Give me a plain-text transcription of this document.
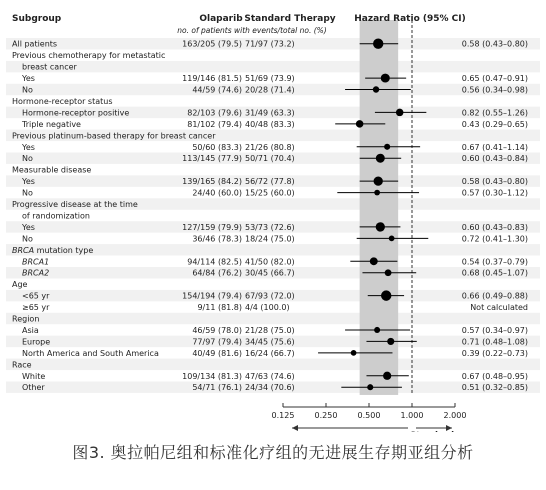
Subgroup	Olaparib Standard Therapy Hazard Ratio (95% CI)
no. of patients with events/total no. (%)
All patients	163/205 (79.5) 71/97 (73.2)	0.58 (0.43–0.80)
Previous chemotherapy for metastatic
breast cancer
Yes	119/146 (81.5) 51/69 (73.9)	0.65 (0.47–0.91)
No	44/59 (74.6) 20/28 (71.4)	0.56 (0.34–0.98)
Hormone-receptor status
Hormone-receptor positive	82/103 (79.6) 31/49 (63.3)	0.82 (0.55–1.26)
Triple negative	81/102 (79.4) 40/48 (83.3)	0.43 (0.29–0.65)
Previous platinum-based therapy for breast cancer
Yes	50/60 (83.3) 21/26 (80.8)	0.67 (0.41–1.14)
No	113/145 (77.9) 50/71 (70.4)	0.60 (0.43–0.84)
Measurable disease
Yes	139/165 (84.2) 56/72 (77.8)	0.58 (0.43–0.80)
No	24/40 (60.0) 15/25 (60.0)	0.57 (0.30–1.12)
Progressive disease at the time
of randomization
Yes	127/159 (79.9) 53/73 (72.6)	0.60 (0.43–0.83)
No	36/46 (78.3) 18/24 (75.0)	0.72 (0.41–1.30)
BRCA mutation type
BRCA1	94/114 (82.5) 41/50 (82.0)	0.54 (0.37–0.79)
BRCA2	64/84 (76.2) 30/45 (66.7)	0.68 (0.45–1.07)
Age
<65 yr	154/194 (79.4) 67/93 (72.0)	0.66 (0.49–0.88)
≥65 yr	9/11 (81.8) 4/4 (100.0)	Not calculated
Region
Asia	46/59 (78.0) 21/28 (75.0)	0.57 (0.34–0.97)
Europe	77/97 (79.4) 34/45 (75.6)	0.71 (0.48–1.08)
North America and South America	40/49 (81.6) 16/24 (66.7)	0.39 (0.22–0.73)
Race
White	109/134 (81.3) 47/63 (74.6)	0.67 (0.48–0.95)
Other	54/71 (76.1) 24/34 (70.6)	0.51 (0.32–0.85)
0.125	0.250	0.500	1.000	2.000
图3. 奥拉帕尼组和标准化疗组的无进展生存期亚组分析
